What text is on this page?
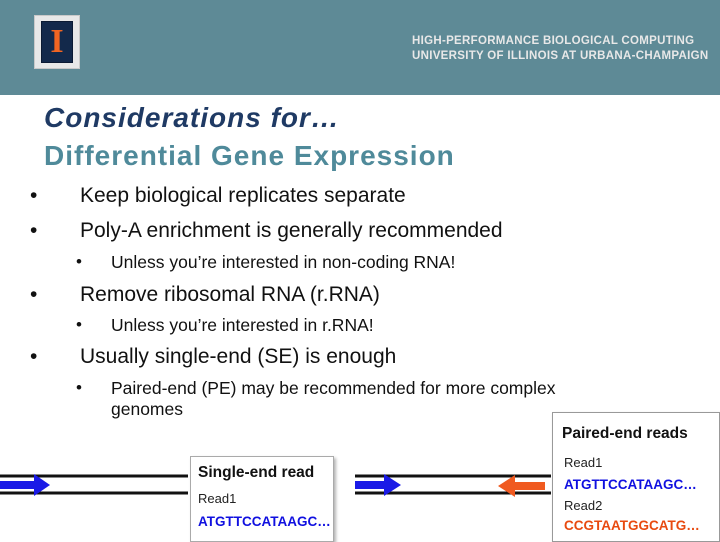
I	HIGH-PERFORMANCE BIOLOGICAL COMPUTING
UNIVERSITY OF ILLINOIS AT URBANA-CHAMPAIGN
Considerations for…
Differential Gene Expression
• Keep biological replicates separate
• Poly-A enrichment is generally recommended
• Unless you’re interested in non-coding RNA!
• Remove ribosomal RNA (r.RNA)
• Unless you’re interested in r.RNA!
• Usually single-end (SE) is enough
• Paired-end (PE) may be recommended for more complex genomes
Single-end read
Read1
ATGTTCCATAAGC…
Paired-end reads
Read1
ATGTTCCATAAGC…
Read2
CCGTAATGGCATG…
